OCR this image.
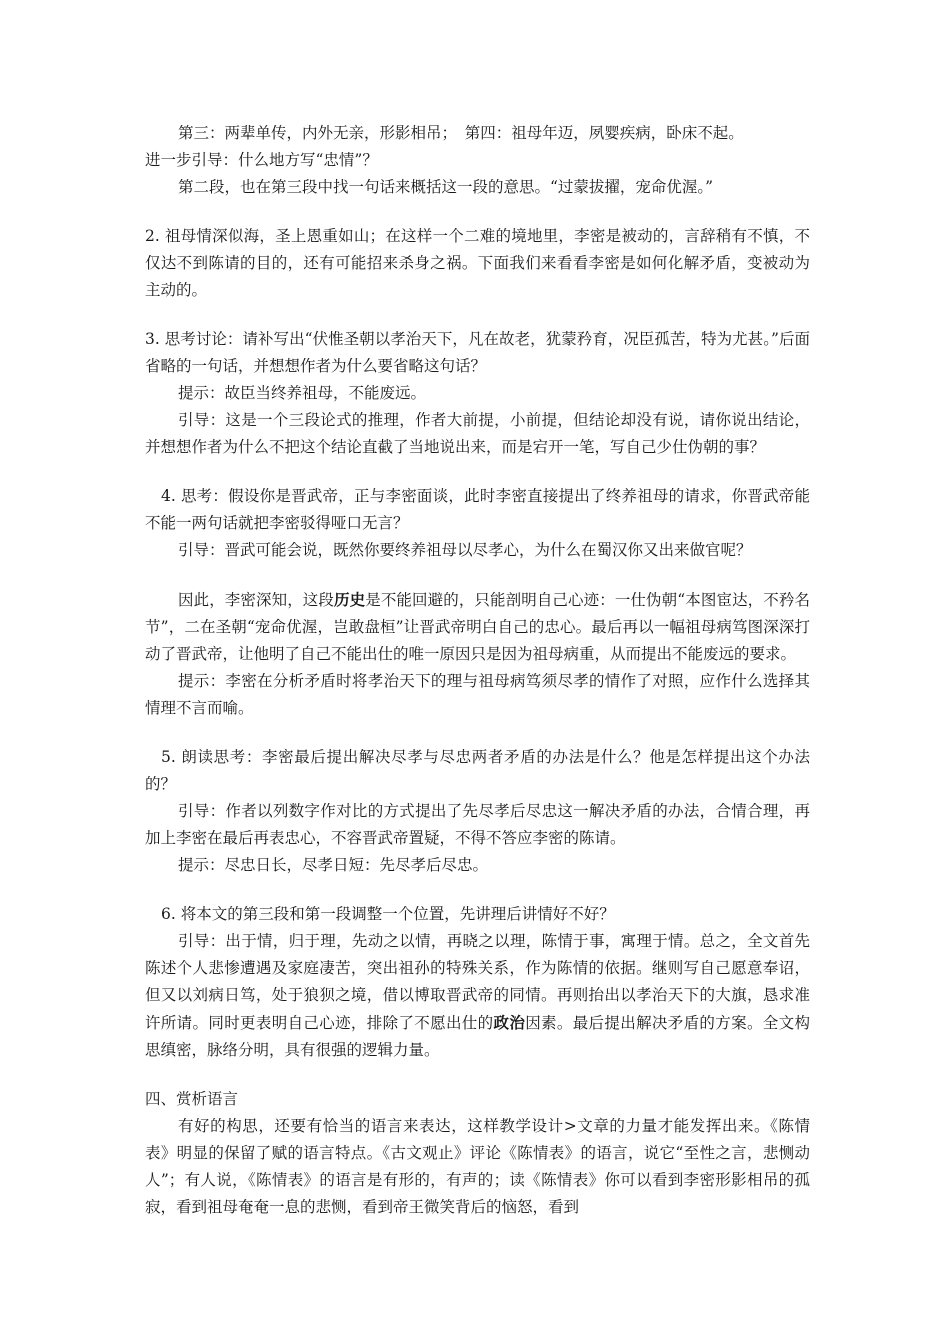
第三：两辈单传，内外无亲，形影相吊；　第四：祖母年迈，夙婴疾病，卧床不起。

进一步引导：什么地方写“忠情”？

第二段，也在第三段中找一句话来概括这一段的意思。“过蒙拔擢，宠命优渥。”

2. 祖母情深似海，圣上恩重如山；在这样一个二难的境地里，李密是被动的，言辞稍有不慎，不仅达不到陈请的目的，还有可能招来杀身之祸。下面我们来看看李密是如何化解矛盾，变被动为主动的。

3. 思考讨论：请补写出“伏惟圣朝以孝治天下，凡在故老，犹蒙矜育，况臣孤苦，特为尤甚。”后面省略的一句话，并想想作者为什么要省略这句话？

提示：故臣当终养祖母，不能废远。

引导：这是一个三段论式的推理，作者大前提，小前提，但结论却没有说，请你说出结论，并想想作者为什么不把这个结论直截了当地说出来，而是宕开一笔，写自己少仕伪朝的事？

4. 思考：假设你是晋武帝，正与李密面谈，此时李密直接提出了终养祖母的请求，你晋武帝能不能一两句话就把李密驳得哑口无言？

引导：晋武可能会说，既然你要终养祖母以尽孝心，为什么在蜀汉你又出来做官呢？

因此，李密深知，这段历史是不能回避的，只能剖明自己心迹：一仕伪朝“本图宦达，不矜名节”，二在圣朝“宠命优渥，岂敢盘桓”让晋武帝明白自己的忠心。最后再以一幅祖母病笃图深深打动了晋武帝，让他明了自己不能出仕的唯一原因只是因为祖母病重，从而提出不能废远的要求。

提示：李密在分析矛盾时将孝治天下的理与祖母病笃须尽孝的情作了对照，应作什么选择其情理不言而喻。

5. 朗读思考：李密最后提出解决尽孝与尽忠两者矛盾的办法是什么？他是怎样提出这个办法的？

引导：作者以列数字作对比的方式提出了先尽孝后尽忠这一解决矛盾的办法，合情合理，再加上李密在最后再表忠心，不容晋武帝置疑，不得不答应李密的陈请。

提示：尽忠日长，尽孝日短：先尽孝后尽忠。

6. 将本文的第三段和第一段调整一个位置，先讲理后讲情好不好？

引导：出于情，归于理，先动之以情，再晓之以理，陈情于事，寓理于情。总之，全文首先陈述个人悲惨遭遇及家庭凄苦，突出祖孙的特殊关系，作为陈情的依据。继则写自己愿意奉诏，但又以刘病日笃，处于狼狈之境，借以博取晋武帝的同情。再则抬出以孝治天下的大旗，恳求准许所请。同时更表明自己心迹，排除了不愿出仕的政治因素。最后提出解决矛盾的方案。全文构思缜密，脉络分明，具有很强的逻辑力量。

四、赏析语言

有好的构思，还要有恰当的语言来表达，这样教学设计>文章的力量才能发挥出来。《陈情表》明显的保留了赋的语言特点。《古文观止》评论《陈情表》的语言，说它“至性之言，悲恻动人”；有人说，《陈情表》的语言是有形的，有声的；读《陈情表》你可以看到李密形影相吊的孤寂，看到祖母奄奄一息的悲恻，看到帝王微笑背后的恼怒，看到
